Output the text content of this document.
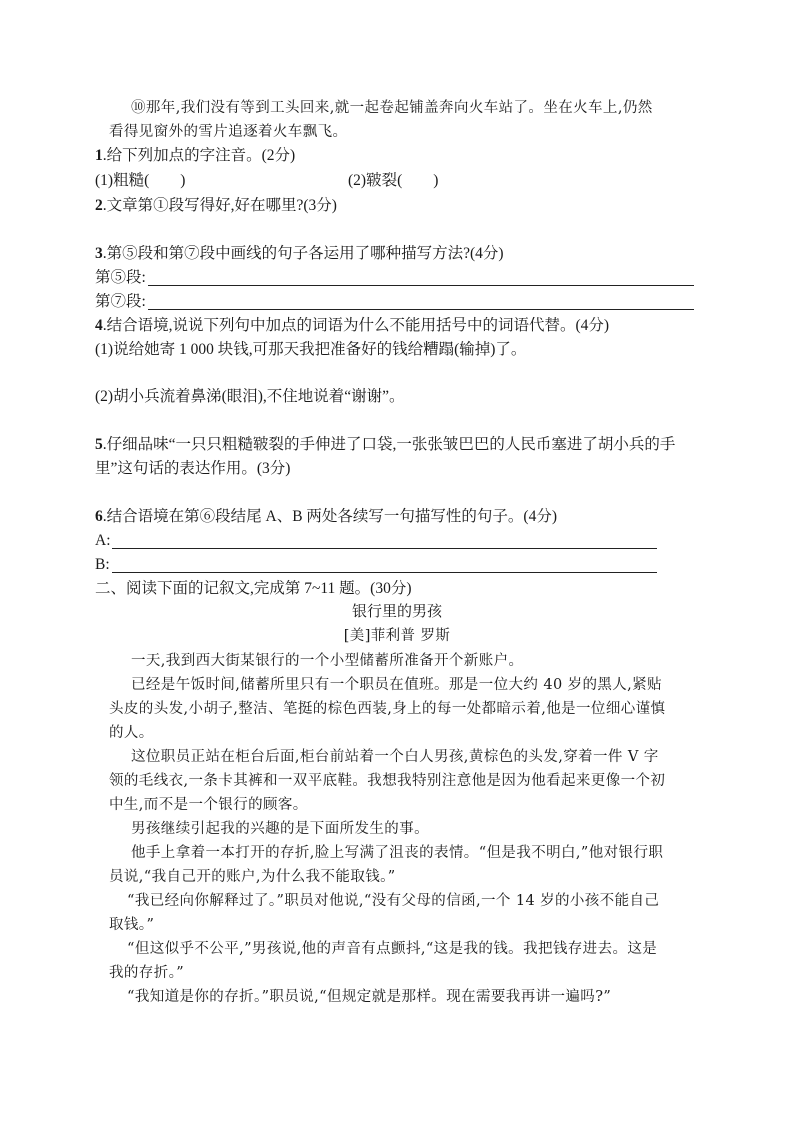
⑩那年,我们没有等到工头回来,就一起卷起铺盖奔向火车站了。坐在火车上,仍然
看得见窗外的雪片追逐着火车飘飞。
1.给下列加点的字注音。(2分)
(1)粗糙(　　)	(2)皲裂(　　)
2.文章第①段写得好,好在哪里?(3分)
3.第⑤段和第⑦段中画线的句子各运用了哪种描写方法?(4分)
第⑤段:
第⑦段:
4.结合语境,说说下列句中加点的词语为什么不能用括号中的词语代替。(4分)
(1)说给她寄 1 000 块钱,可那天我把准备好的钱给糟蹋(输掉)了。
(2)胡小兵流着鼻涕(眼泪),不住地说着“谢谢”。
5.仔细品味“一只只粗糙皲裂的手伸进了口袋,一张张皱巴巴的人民币塞进了胡小兵的手
里”这句话的表达作用。(3分)
6.结合语境在第⑥段结尾 A、B 两处各续写一句描写性的句子。(4分)
A:
B:
二、阅读下面的记叙文,完成第 7~11 题。(30分)
银行里的男孩
[美]菲利普 罗斯
一天,我到西大街某银行的一个小型储蓄所准备开个新账户。
已经是午饭时间,储蓄所里只有一个职员在值班。那是一位大约 40 岁的黑人,紧贴
头皮的头发,小胡子,整洁、笔挺的棕色西装,身上的每一处都暗示着,他是一位细心谨慎
的人。
这位职员正站在柜台后面,柜台前站着一个白人男孩,黄棕色的头发,穿着一件 V 字
领的毛线衣,一条卡其裤和一双平底鞋。我想我特别注意他是因为他看起来更像一个初
中生,而不是一个银行的顾客。
男孩继续引起我的兴趣的是下面所发生的事。
他手上拿着一本打开的存折,脸上写满了沮丧的表情。“但是我不明白,”他对银行职
员说,“我自己开的账户,为什么我不能取钱。”
“我已经向你解释过了。”职员对他说,“没有父母的信函,一个 14 岁的小孩不能自己
取钱。”
“但这似乎不公平,”男孩说,他的声音有点颤抖,“这是我的钱。我把钱存进去。这是
我的存折。”
“我知道是你的存折。”职员说,“但规定就是那样。现在需要我再讲一遍吗?”
